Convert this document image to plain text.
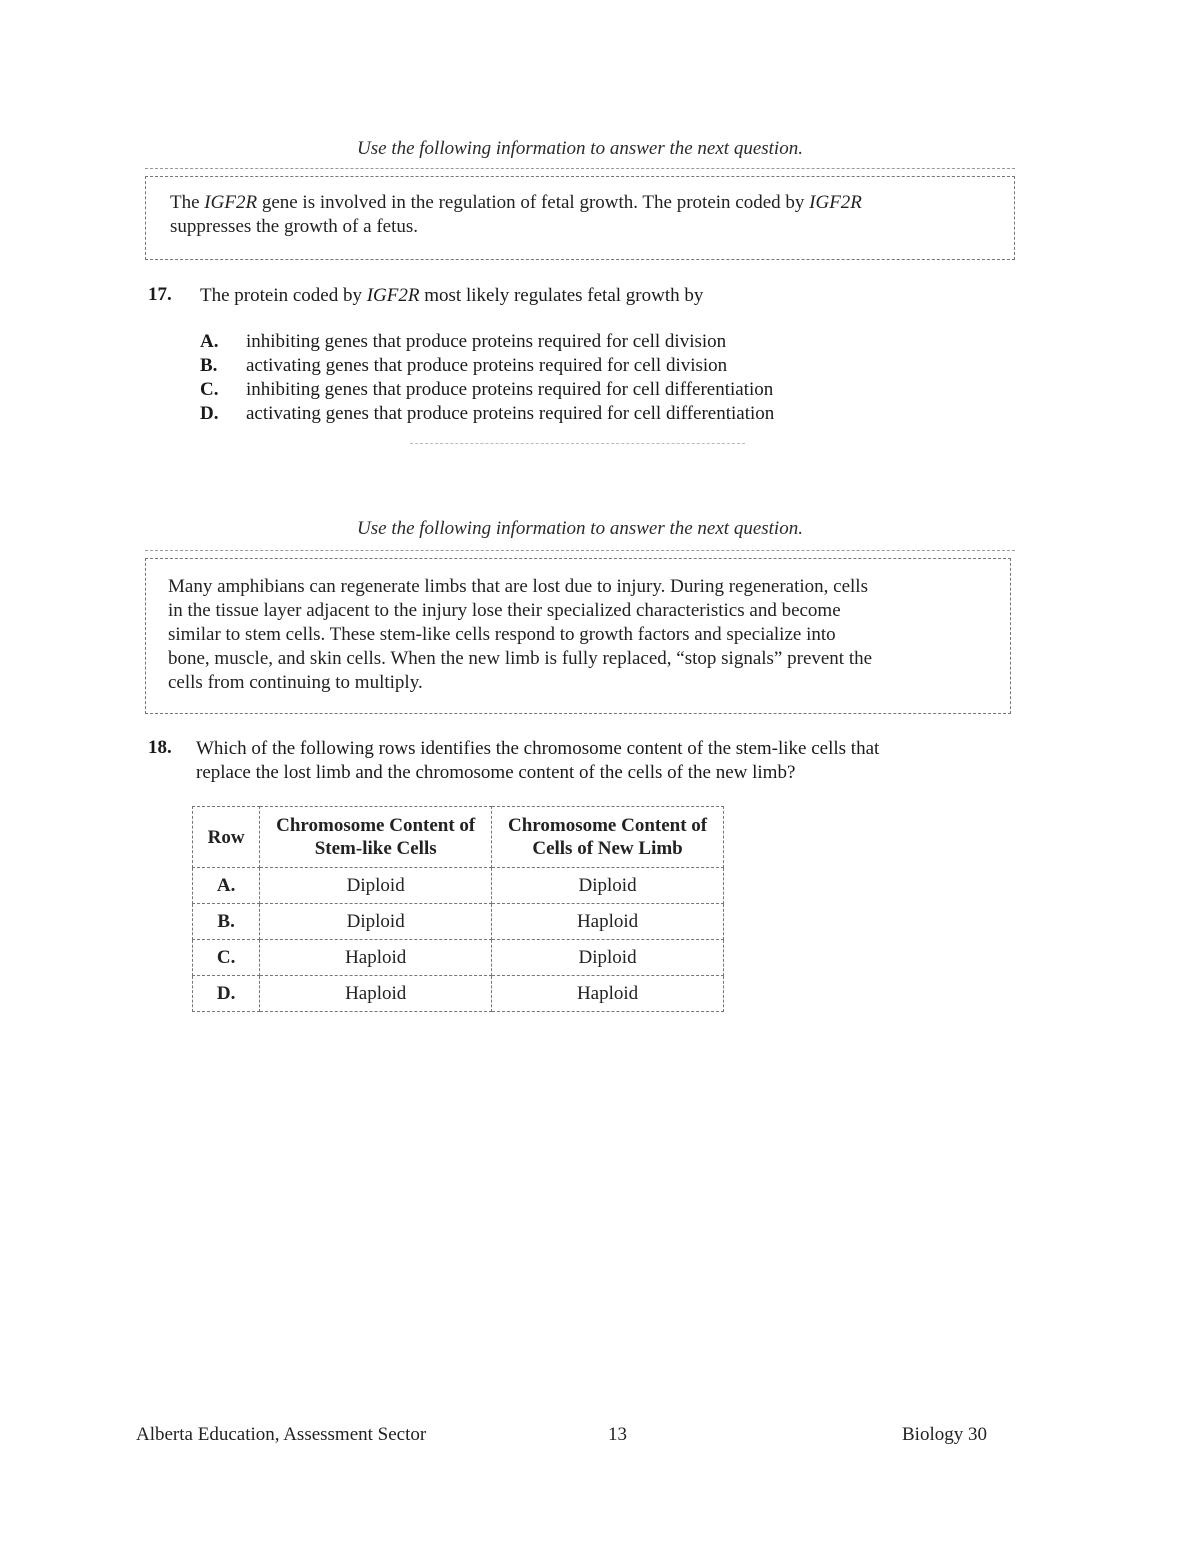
Use the following information to answer the next question.
The IGF2R gene is involved in the regulation of fetal growth. The protein coded by IGF2R
suppresses the growth of a fetus.
17. The protein coded by IGF2R most likely regulates fetal growth by
A.	inhibiting genes that produce proteins required for cell division
B.	activating genes that produce proteins required for cell division
C.	inhibiting genes that produce proteins required for cell differentiation
D.	activating genes that produce proteins required for cell differentiation
Use the following information to answer the next question.
Many amphibians can regenerate limbs that are lost due to injury. During regeneration, cells
in the tissue layer adjacent to the injury lose their specialized characteristics and become
similar to stem cells. These stem-like cells respond to growth factors and specialize into
bone, muscle, and skin cells. When the new limb is fully replaced, “stop signals” prevent the
cells from continuing to multiply.
18. Which of the following rows identifies the chromosome content of the stem-like cells that
replace the lost limb and the chromosome content of the cells of the new limb?
Row	Chromosome Content of Stem-like Cells	Chromosome Content of Cells of New Limb
A.	Diploid	Diploid
B.	Diploid	Haploid
C.	Haploid	Diploid
D.	Haploid	Haploid
Alberta Education, Assessment Sector	13	Biology 30
